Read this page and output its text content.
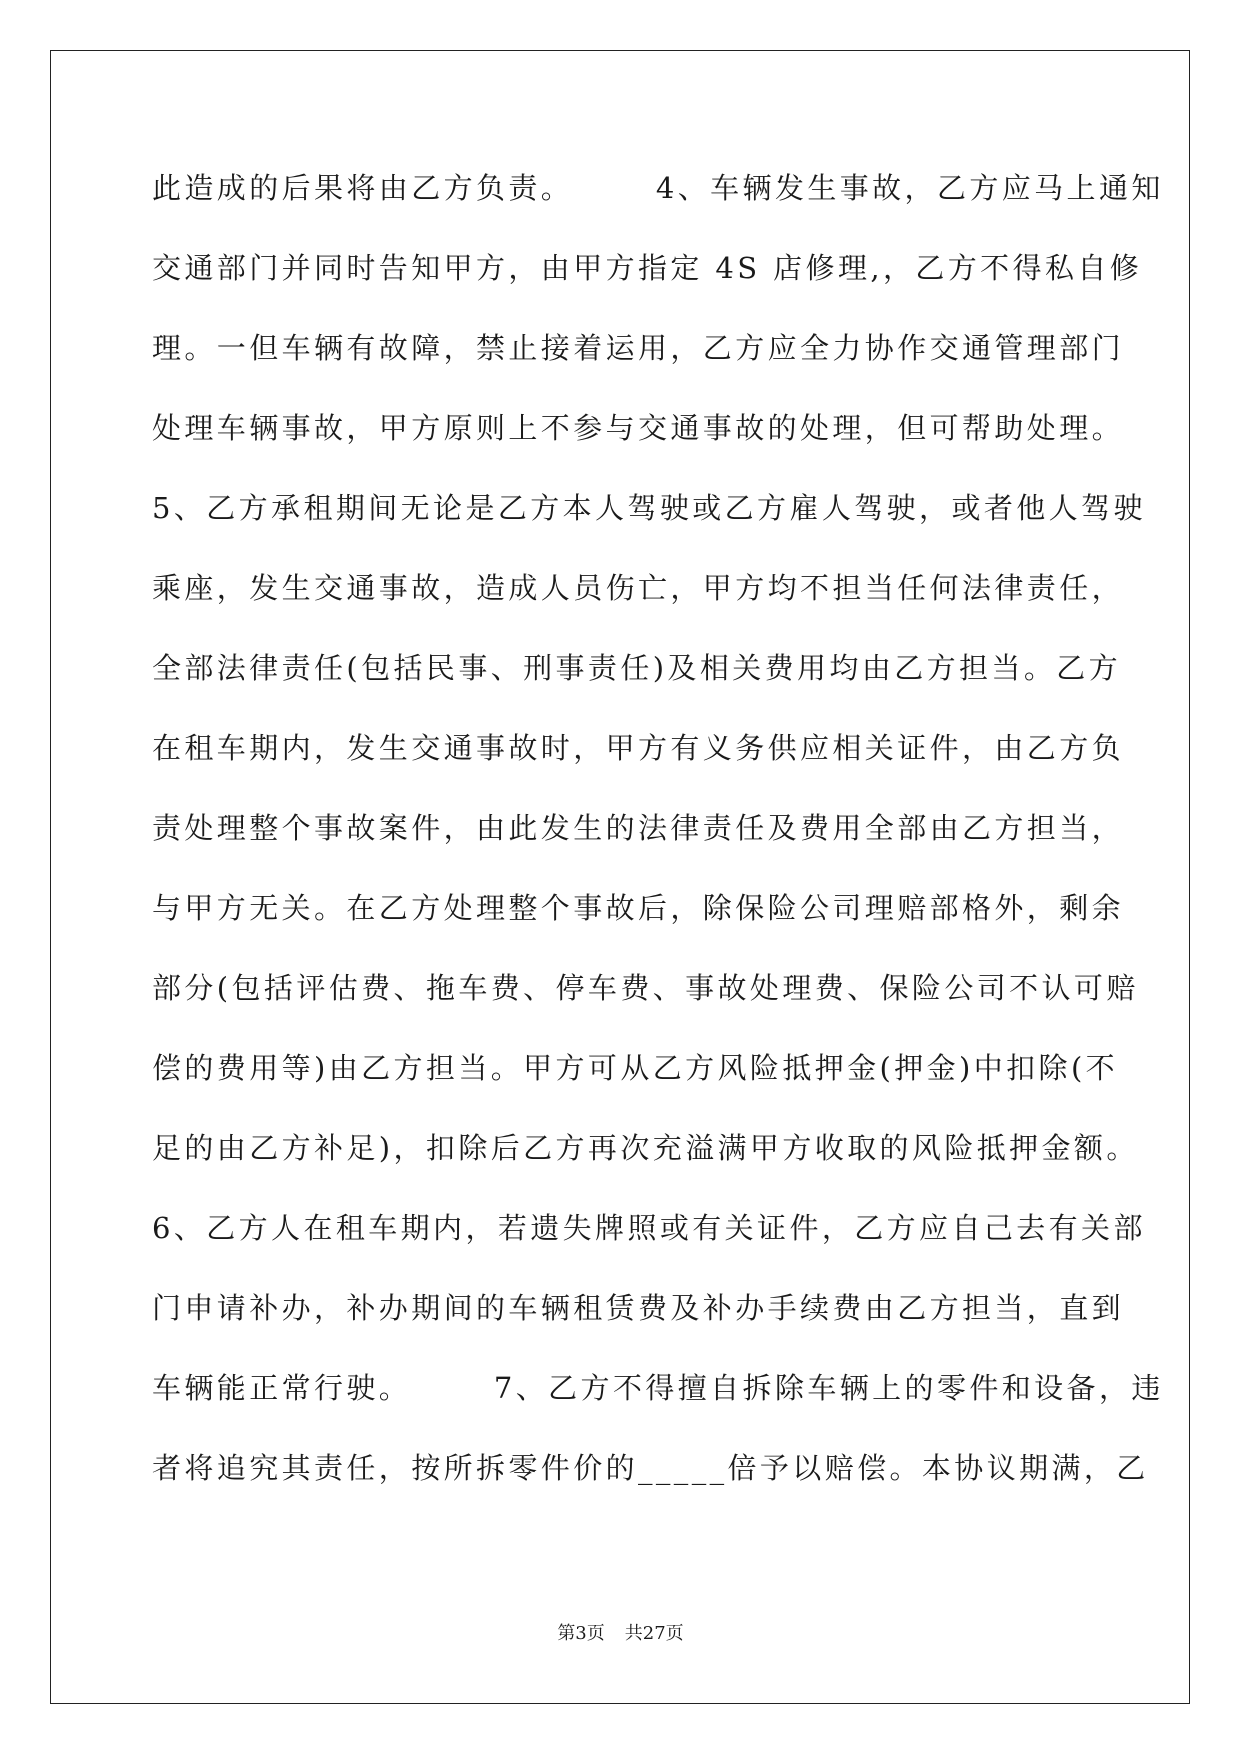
此造成的后果将由乙方负责。　　　4、车辆发生事故，乙方应马上通知
交通部门并同时告知甲方，由甲方指定 4S 店修理,，乙方不得私自修
理。一但车辆有故障，禁止接着运用，乙方应全力协作交通管理部门
处理车辆事故，甲方原则上不参与交通事故的处理，但可帮助处理。
5、乙方承租期间无论是乙方本人驾驶或乙方雇人驾驶，或者他人驾驶
乘座，发生交通事故，造成人员伤亡，甲方均不担当任何法律责任，
全部法律责任(包括民事、刑事责任)及相关费用均由乙方担当。乙方
在租车期内，发生交通事故时，甲方有义务供应相关证件，由乙方负
责处理整个事故案件，由此发生的法律责任及费用全部由乙方担当，
与甲方无关。在乙方处理整个事故后，除保险公司理赔部格外，剩余
部分(包括评估费、拖车费、停车费、事故处理费、保险公司不认可赔
偿的费用等)由乙方担当。甲方可从乙方风险抵押金(押金)中扣除(不
足的由乙方补足)，扣除后乙方再次充溢满甲方收取的风险抵押金额。
6、乙方人在租车期内，若遗失牌照或有关证件，乙方应自己去有关部
门申请补办，补办期间的车辆租赁费及补办手续费由乙方担当，直到
车辆能正常行驶。　　　7、乙方不得擅自拆除车辆上的零件和设备，违
者将追究其责任，按所拆零件价的_____倍予以赔偿。本协议期满，乙
第3页 共27页
